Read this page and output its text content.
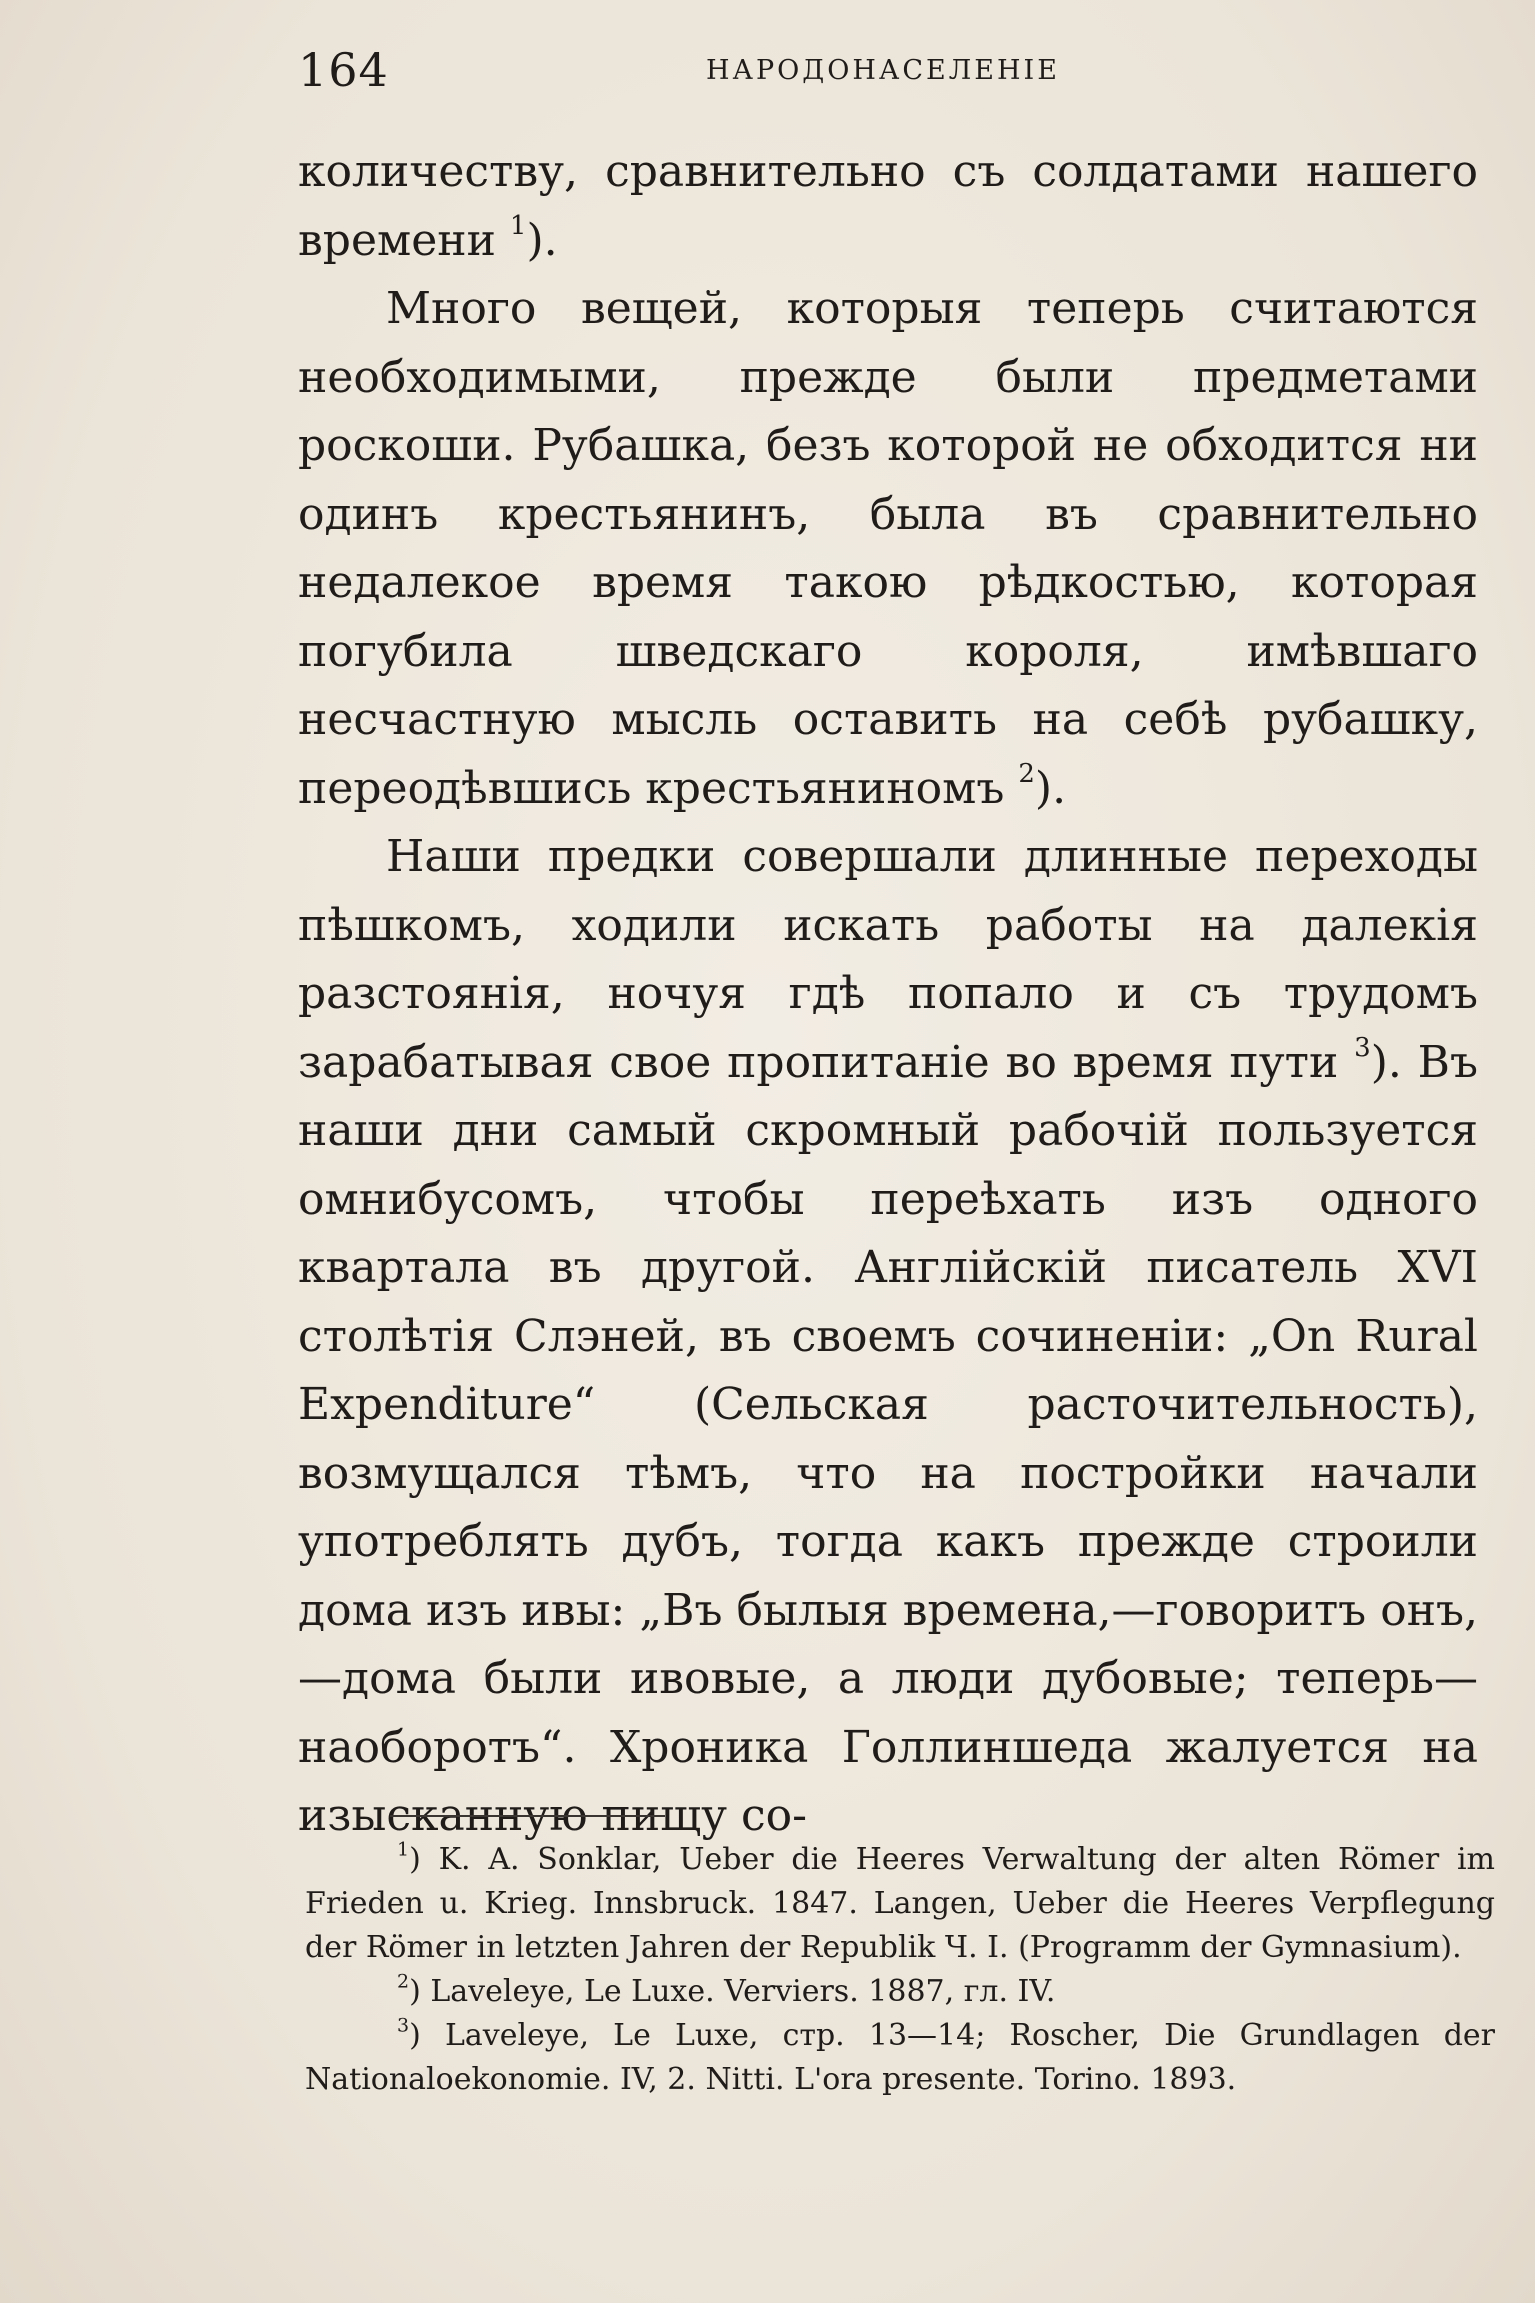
164	НАРОДОНАСЕЛЕНІЕ

количеству, сравнительно съ солдатами нашего времени $^1$).

Много вещей, которыя теперь считаются необходимыми, прежде были предметами роскоши. Рубашка, безъ которой не обходится ни одинъ крестьянинъ, была въ сравнительно недалекое время такою рѣдкостью, которая погубила шведскаго короля, имѣвшаго несчастную мысль оставить на себѣ рубашку, переодѣвшись крестьяниномъ $^2$).

Наши предки совершали длинные переходы пѣшкомъ, ходили искать работы на далекія разстоянія, ночуя гдѣ попало и съ трудомъ зарабатывая свое пропитаніе во время пути $^3$). Въ наши дни самый скромный рабочій пользуется омнибусомъ, чтобы переѣхать изъ одного квартала въ другой. Англійскій писатель XVI столѣтія Слэней, въ своемъ сочиненіи: „On Rural Expenditure“ (Сельская расточительность), возмущался тѣмъ, что на постройки начали употреблять дубъ, тогда какъ прежде строили дома изъ ивы: „Въ былыя времена,—говоритъ онъ,—дома были ивовые, а люди дубовые; теперь—наоборотъ“. Хроника Голлиншеда жалуется на изысканную пищу со-

$^1$) K. A. Sonklar, Ueber die Heeres Verwaltung der alten Römer im Frieden u. Krieg. Innsbruck. 1847. Langen, Ueber die Heeres Verpflegung der Römer in letzten Jahren der Republik Ч. I. (Programm der Gymnasium).

$^2$) Laveleye, Le Luxe. Verviers. 1887, гл. IV.

$^3$) Laveleye, Le Luxe, стр. 13—14; Roscher, Die Grundlagen der Nationaloekonomie. IV, 2. Nitti. L'ora presente. Torino. 1893.
